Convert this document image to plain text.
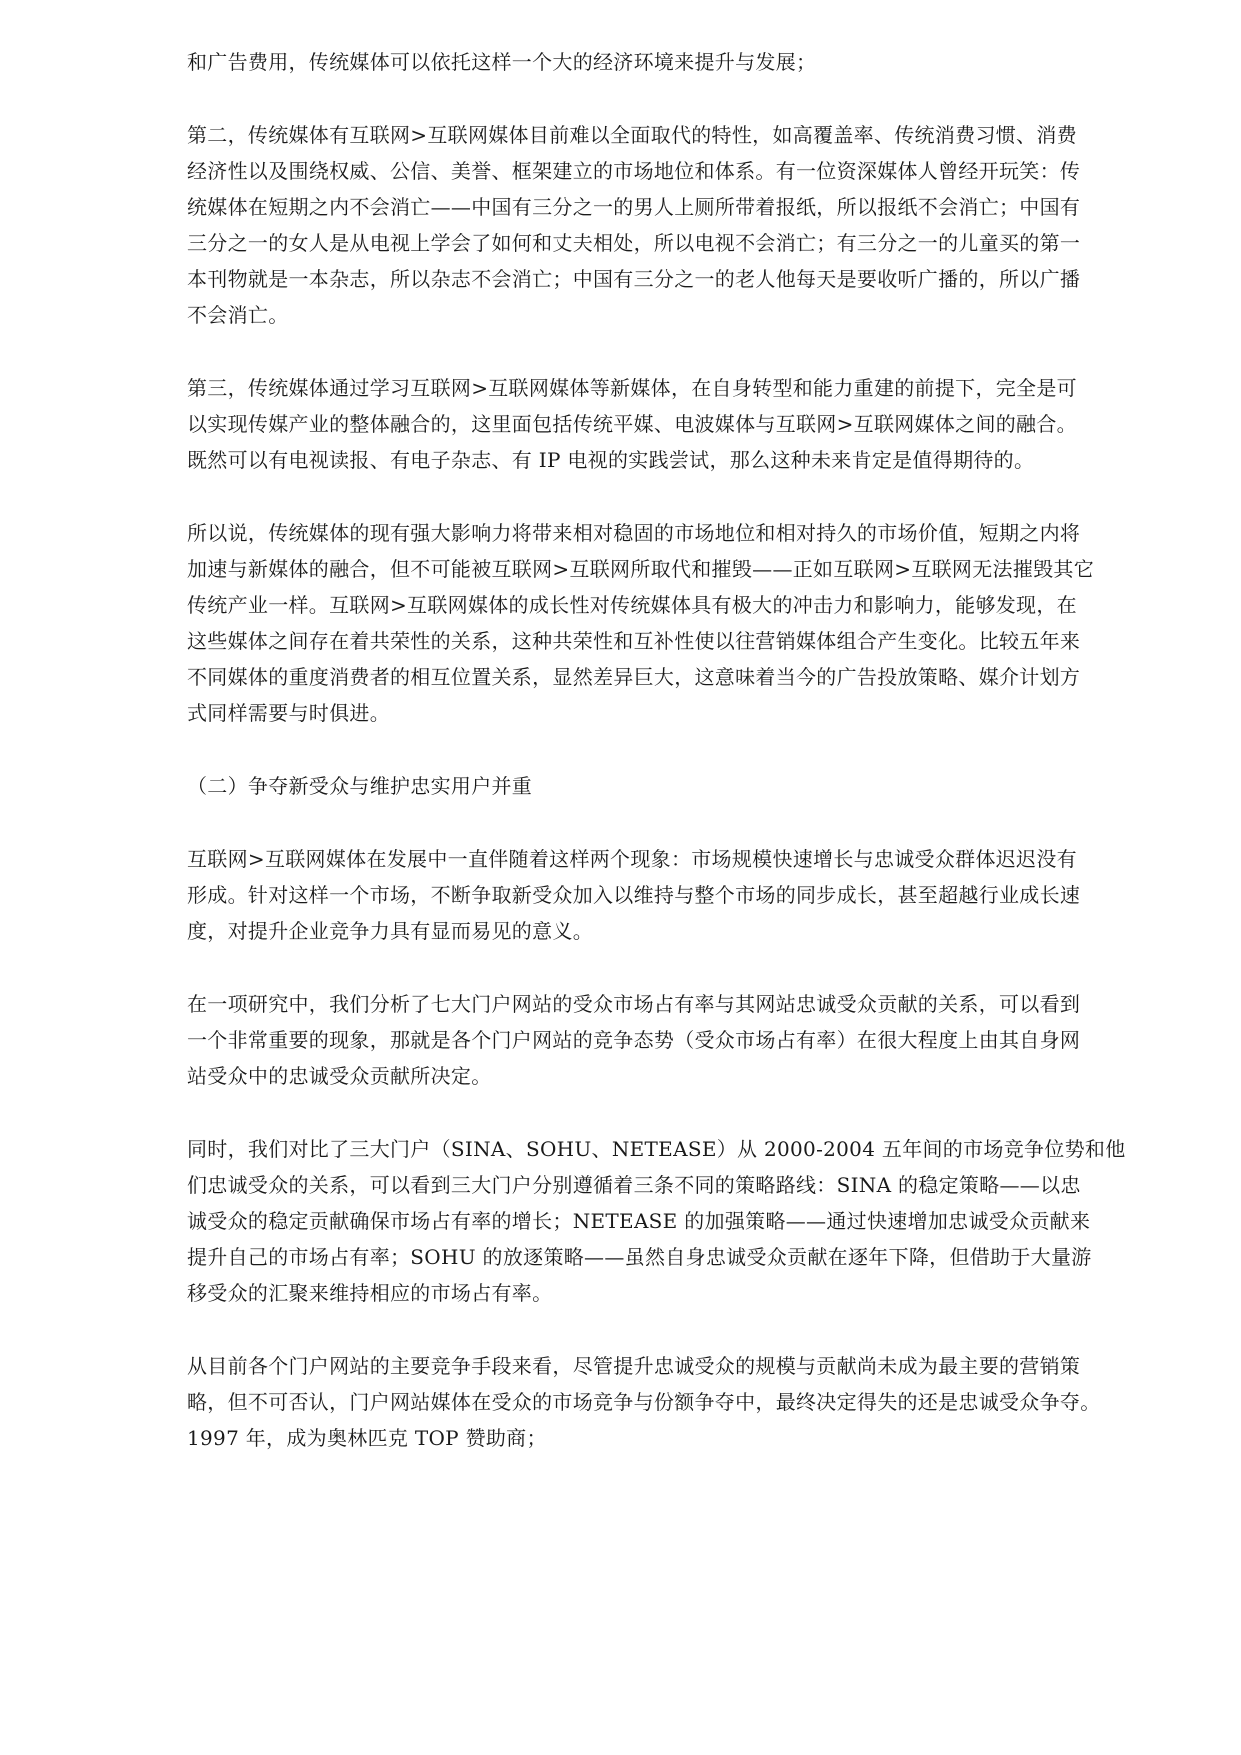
和广告费用，传统媒体可以依托这样一个大的经济环境来提升与发展；

第二，传统媒体有互联网>互联网媒体目前难以全面取代的特性，如高覆盖率、传统消费习惯、消费
经济性以及围绕权威、公信、美誉、框架建立的市场地位和体系。有一位资深媒体人曾经开玩笑：传
统媒体在短期之内不会消亡——中国有三分之一的男人上厕所带着报纸，所以报纸不会消亡；中国有
三分之一的女人是从电视上学会了如何和丈夫相处，所以电视不会消亡；有三分之一的儿童买的第一
本刊物就是一本杂志，所以杂志不会消亡；中国有三分之一的老人他每天是要收听广播的，所以广播
不会消亡。

第三，传统媒体通过学习互联网>互联网媒体等新媒体，在自身转型和能力重建的前提下，完全是可
以实现传媒产业的整体融合的，这里面包括传统平媒、电波媒体与互联网>互联网媒体之间的融合。
既然可以有电视读报、有电子杂志、有 IP 电视的实践尝试，那么这种未来肯定是值得期待的。

所以说，传统媒体的现有强大影响力将带来相对稳固的市场地位和相对持久的市场价值，短期之内将
加速与新媒体的融合，但不可能被互联网>互联网所取代和摧毁——正如互联网>互联网无法摧毁其它
传统产业一样。互联网>互联网媒体的成长性对传统媒体具有极大的冲击力和影响力，能够发现，在
这些媒体之间存在着共荣性的关系，这种共荣性和互补性使以往营销媒体组合产生变化。比较五年来
不同媒体的重度消费者的相互位置关系，显然差异巨大，这意味着当今的广告投放策略、媒介计划方
式同样需要与时俱进。

（二）争夺新受众与维护忠实用户并重

互联网>互联网媒体在发展中一直伴随着这样两个现象：市场规模快速增长与忠诚受众群体迟迟没有
形成。针对这样一个市场，不断争取新受众加入以维持与整个市场的同步成长，甚至超越行业成长速
度，对提升企业竞争力具有显而易见的意义。

在一项研究中，我们分析了七大门户网站的受众市场占有率与其网站忠诚受众贡献的关系，可以看到
一个非常重要的现象，那就是各个门户网站的竞争态势（受众市场占有率）在很大程度上由其自身网
站受众中的忠诚受众贡献所决定。

同时，我们对比了三大门户（SINA、SOHU、NETEASE）从 2000-2004 五年间的市场竞争位势和他
们忠诚受众的关系，可以看到三大门户分别遵循着三条不同的策略路线：SINA 的稳定策略——以忠
诚受众的稳定贡献确保市场占有率的增长；NETEASE 的加强策略——通过快速增加忠诚受众贡献来
提升自己的市场占有率；SOHU 的放逐策略——虽然自身忠诚受众贡献在逐年下降，但借助于大量游
移受众的汇聚来维持相应的市场占有率。

从目前各个门户网站的主要竞争手段来看，尽管提升忠诚受众的规模与贡献尚未成为最主要的营销策
略，但不可否认，门户网站媒体在受众的市场竞争与份额争夺中，最终决定得失的还是忠诚受众争夺。
1997 年，成为奥林匹克 TOP 赞助商；
